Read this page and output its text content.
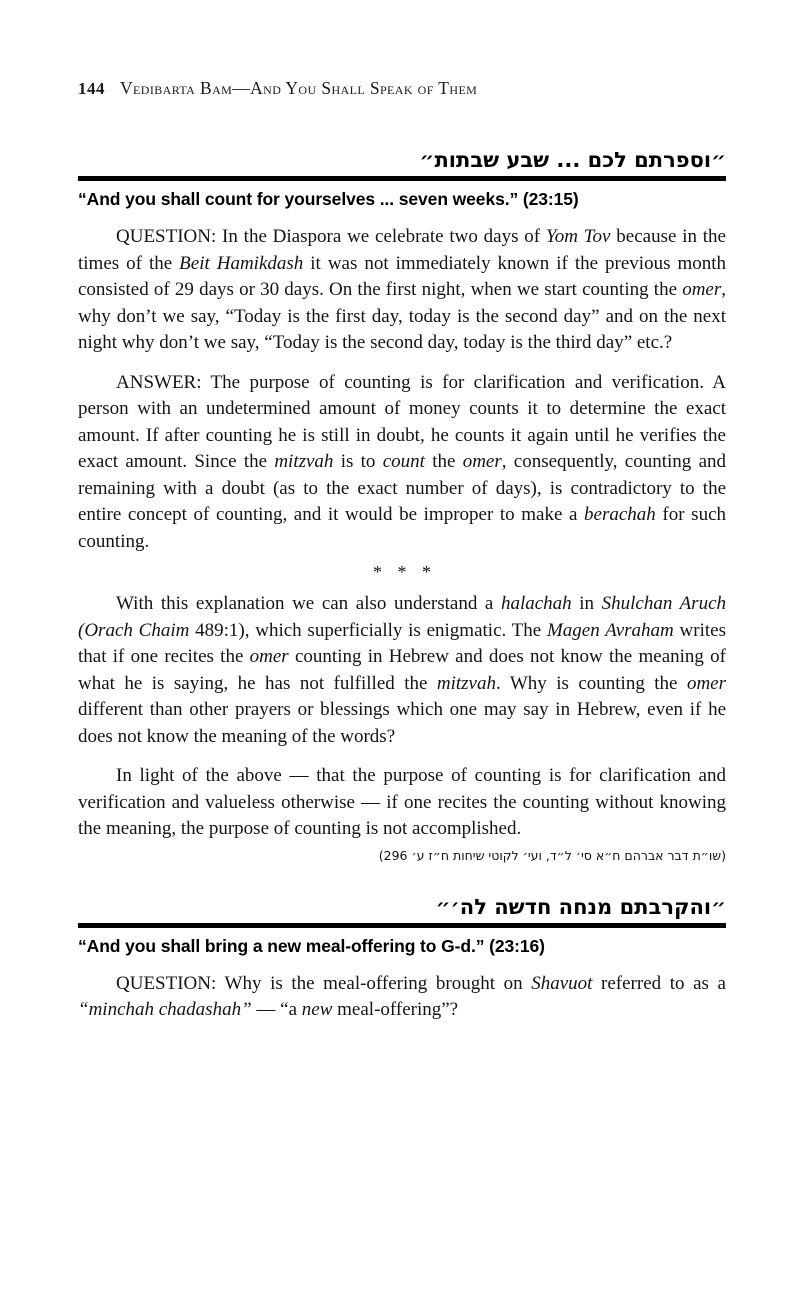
144 Vedibarta Bam—And You Shall Speak of Them
״וספרתם לכם ... שבע שבתות״
“And you shall count for yourselves ... seven weeks.” (23:15)

QUESTION: In the Diaspora we celebrate two days of Yom Tov because in the times of the Beit Hamikdash it was not immediately known if the previous month consisted of 29 days or 30 days. On the first night, when we start counting the omer, why don’t we say, “Today is the first day, today is the second day” and on the next night why don’t we say, “Today is the second day, today is the third day” etc.?

ANSWER: The purpose of counting is for clarification and verification. A person with an undetermined amount of money counts it to determine the exact amount. If after counting he is still in doubt, he counts it again until he verifies the exact amount. Since the mitzvah is to count the omer, consequently, counting and remaining with a doubt (as to the exact number of days), is contradictory to the entire concept of counting, and it would be improper to make a berachah for such counting.

* * *

With this explanation we can also understand a halachah in Shulchan Aruch (Orach Chaim 489:1), which superficially is enigmatic. The Magen Avraham writes that if one recites the omer counting in Hebrew and does not know the meaning of what he is saying, he has not fulfilled the mitzvah. Why is counting the omer different than other prayers or blessings which one may say in Hebrew, even if he does not know the meaning of the words?

In light of the above — that the purpose of counting is for clarification and verification and valueless otherwise — if one recites the counting without knowing the meaning, the purpose of counting is not accomplished.

(שו״ת דבר אברהם ח״א סי׳ ל״ד, ועי׳ לקוטי שיחות ח״ז ע׳ 296)
״והקרבתם מנחה חדשה לה׳״
“And you shall bring a new meal-offering to G-d.” (23:16)

QUESTION: Why is the meal-offering brought on Shavuot referred to as a “minchah chadashah” — “a new meal-offering”?
